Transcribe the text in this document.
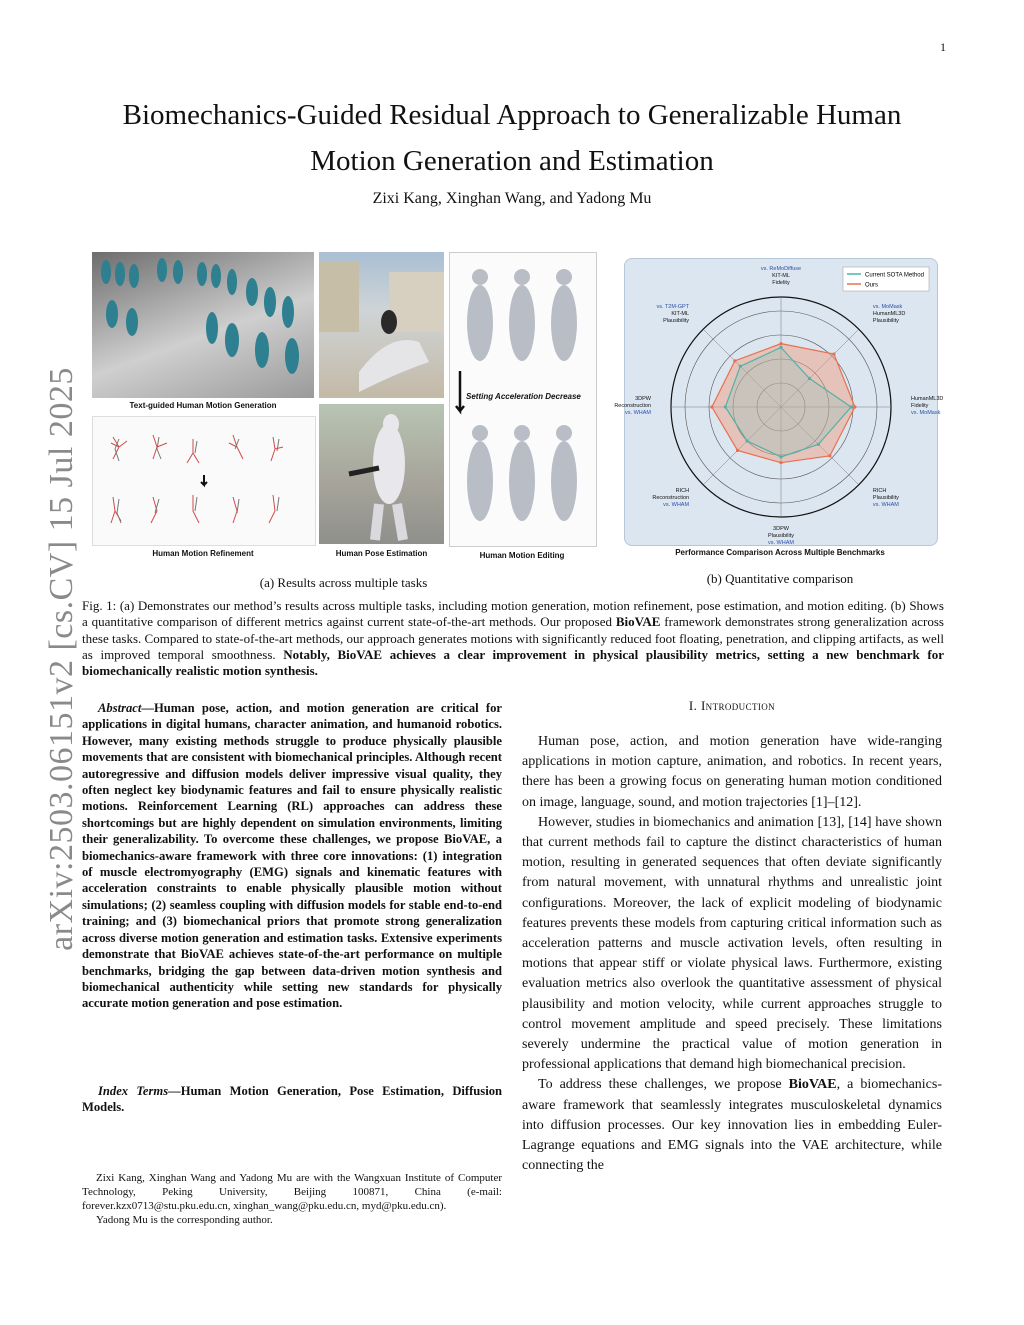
1
arXiv:2503.06151v2 [cs.CV] 15 Jul 2025
Biomechanics-Guided Residual Approach to Generalizable Human
Motion Generation and Estimation
Zixi Kang, Xinghan Wang, and Yadong Mu
Text-guided Human Motion Generation
Human Motion Refinement	Human Pose Estimation
Setting Acceleration Decrease
Human Motion Editing
Current SOTA Method
Ours
vs. ReMoDiffuse
KIT-ML
Fidelity
vs. MoMask
HumanML3D
Plausibility
HumanML3D
Fidelity
vs. MoMask
RICH
Plausibility
vs. WHAM
3DPW
Plausibility
vs. WHAM
RICH
Reconstruction
vs. WHAM
3DPW
Reconstruction
vs. WHAM
vs. T2M-GPT
KIT-ML
Plausibility
Performance Comparison Across Multiple Benchmarks
(a) Results across multiple tasks	(b) Quantitative comparison
Fig. 1: (a) Demonstrates our method’s results across multiple tasks, including motion generation, motion refinement, pose estimation, and motion editing. (b) Shows a quantitative comparison of different metrics against current state-of-the-art methods. Our proposed BioVAE framework demonstrates strong generalization across these tasks. Compared to state-of-the-art methods, our approach generates motions with significantly reduced foot floating, penetration, and clipping artifacts, as well as improved temporal smoothness. Notably, BioVAE achieves a clear improvement in physical plausibility metrics, setting a new benchmark for biomechanically realistic motion synthesis.
Abstract—Human pose, action, and motion generation are critical for applications in digital humans, character animation, and humanoid robotics. However, many existing methods struggle to produce physically plausible movements that are consistent with biomechanical principles. Although recent autoregressive and diffusion models deliver impressive visual quality, they often neglect key biodynamic features and fail to ensure physically realistic motions. Reinforcement Learning (RL) approaches can address these shortcomings but are highly dependent on simulation environments, limiting their generalizability. To overcome these challenges, we propose BioVAE, a biomechanics-aware framework with three core innovations: (1) integration of muscle electromyography (EMG) signals and kinematic features with acceleration constraints to enable physically plausible motion without simulations; (2) seamless coupling with diffusion models for stable end-to-end training; and (3) biomechanical priors that promote strong generalization across diverse motion generation and estimation tasks. Extensive experiments demonstrate that BioVAE achieves state-of-the-art performance on multiple benchmarks, bridging the gap between data-driven motion synthesis and biomechanical authenticity while setting new standards for physically accurate motion generation and pose estimation.
Index Terms—Human Motion Generation, Pose Estimation, Diffusion Models.

Zixi Kang, Xinghan Wang and Yadong Mu are with the Wangxuan Institute of Computer Technology, Peking University, Beijing 100871, China (e-mail: forever.kzx0713@stu.pku.edu.cn, xinghan_wang@pku.edu.cn, myd@pku.edu.cn).

Yadong Mu is the corresponding author.

I. Introduction

Human pose, action, and motion generation have wide-ranging applications in motion capture, animation, and robotics. In recent years, there has been a growing focus on generating human motion conditioned on image, language, sound, and motion trajectories [1]–[12].

However, studies in biomechanics and animation [13], [14] have shown that current methods fail to capture the distinct characteristics of human motion, resulting in generated sequences that often deviate significantly from natural movement, with unnatural rhythms and unrealistic joint configurations. Moreover, the lack of explicit modeling of biodynamic features prevents these models from capturing critical information such as acceleration patterns and muscle activation levels, often resulting in motions that appear stiff or violate physical laws. Furthermore, existing evaluation metrics also overlook the quantitative assessment of physical plausibility and motion velocity, while current approaches struggle to control movement amplitude and speed precisely. These limitations severely undermine the practical value of motion generation in professional applications that demand high biomechanical precision.

To address these challenges, we propose BioVAE, a biomechanics-aware framework that seamlessly integrates musculoskeletal dynamics into diffusion processes. Our key innovation lies in embedding Euler-Lagrange equations and EMG signals into the VAE architecture, while connecting the
